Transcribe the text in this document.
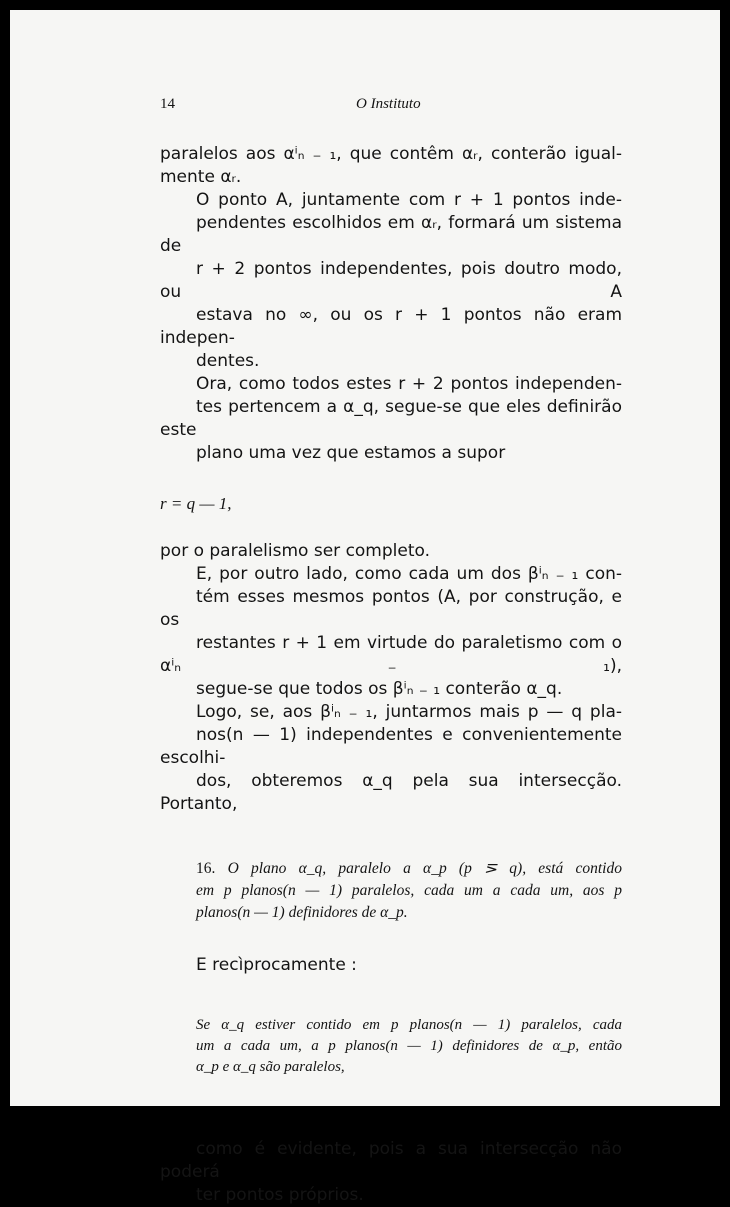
14	O Instituto

paralelos aos αⁱₙ ₋ ₁, que contêm αᵣ, conterão igual-
mente αᵣ.

O ponto A, juntamente com r + 1 pontos inde-
pendentes escolhidos em αᵣ, formará um sistema de
r + 2 pontos independentes, pois doutro modo, ou A
estava no ∞, ou os r + 1 pontos não eram indepen-
dentes.

Ora, como todos estes r + 2 pontos independen-
tes pertencem a α_q, segue-se que eles definirão este
plano uma vez que estamos a supor

r = q — 1,

por o paralelismo ser completo.

E, por outro lado, como cada um dos βⁱₙ ₋ ₁ con-
tém esses mesmos pontos (A, por construção, e os
restantes r + 1 em virtude do paraletismo com o αⁱₙ ₋ ₁),
segue-se que todos os βⁱₙ ₋ ₁ conterão α_q.

Logo, se, aos βⁱₙ ₋ ₁, juntarmos mais p — q pla-
nos(n — 1) independentes e convenientemente escolhi-
dos, obteremos α_q pela sua intersecção. Portanto,

16. O plano α_q, paralelo a α_p (p ⋝ q), está contido
em p planos(n — 1) paralelos, cada um a cada um, aos p
planos(n — 1) definidores de α_p.

E recìprocamente :

Se α_q estiver contido em p planos(n — 1) paralelos, cada
um a cada um, a p planos(n — 1) definidores de α_p, então
α_p e α_q são paralelos,

como é evidente, pois a sua intersecção não poderá
ter pontos próprios.
